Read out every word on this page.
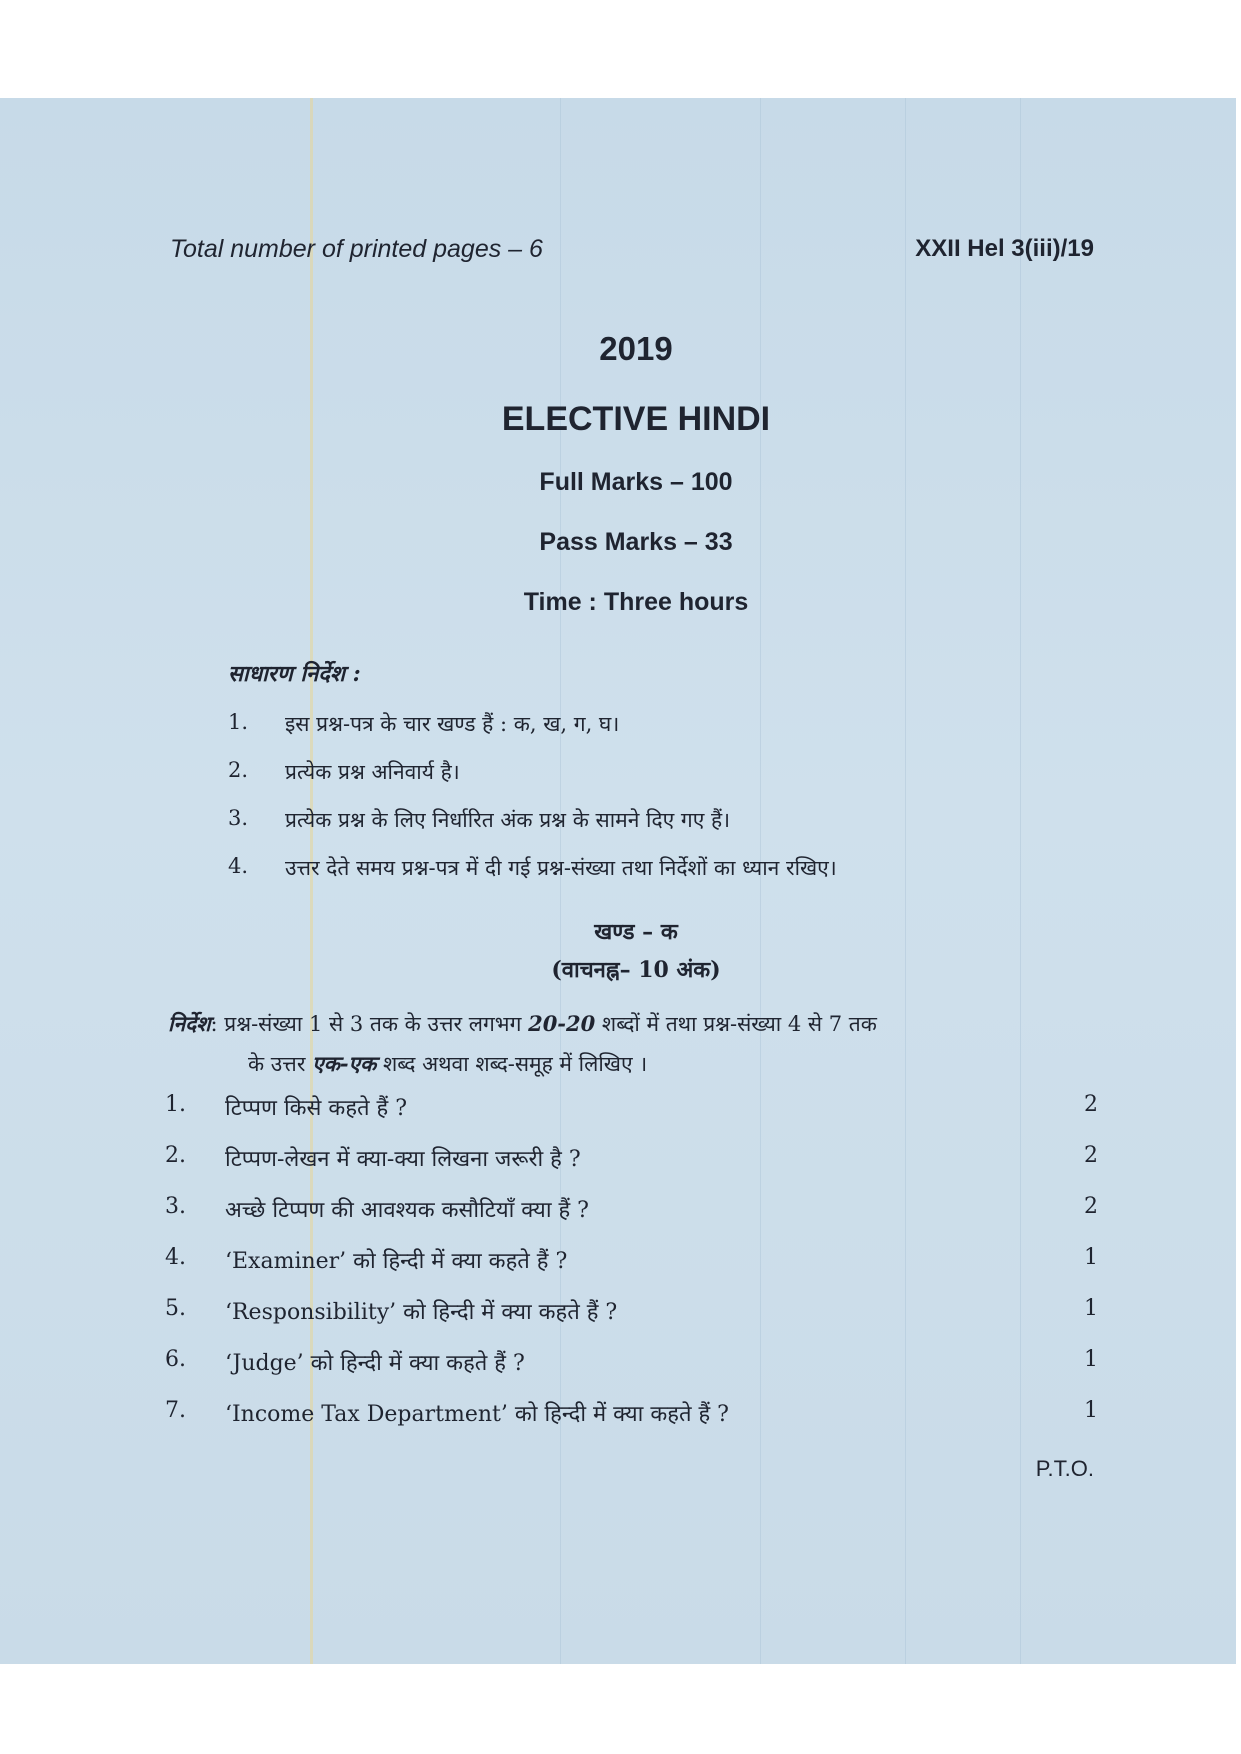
Total number of printed pages – 6	XXII Hel 3(iii)/19
2019
ELECTIVE HINDI
Full Marks – 100
Pass Marks – 33
Time : Three hours
साधारण निर्देश :
1.	इस प्रश्न-पत्र के चार खण्ड हैं : क, ख, ग, घ।
2.	प्रत्येक प्रश्न अनिवार्य है।
3.	प्रत्येक प्रश्न के लिए निर्धारित अंक प्रश्न के सामने दिए गए हैं।
4.	उत्तर देते समय प्रश्न-पत्र में दी गई प्रश्न-संख्या तथा निर्देशों का ध्यान रखिए।
खण्ड – क
(वाचनह्न– 10 अंक)
निर्देश: प्रश्न-संख्या 1 से 3 तक के उत्तर लगभग 20-20 शब्दों में तथा प्रश्न-संख्या 4 से 7 तक
के उत्तर एक-एक शब्द अथवा शब्द-समूह में लिखिए ।
1. टिप्पण किसे कहते हैं ?	2
2. टिप्पण-लेखन में क्या-क्या लिखना जरूरी है ?	2
3. अच्छे टिप्पण की आवश्यक कसौटियाँ क्या हैं ?	2
4. ‘Examiner’ को हिन्दी में क्या कहते हैं ?	1
5. ‘Responsibility’ को हिन्दी में क्या कहते हैं ?	1
6. ‘Judge’ को हिन्दी में क्या कहते हैं ?	1
7. ‘Income Tax Department’ को हिन्दी में क्या कहते हैं ?	1
P.T.O.
